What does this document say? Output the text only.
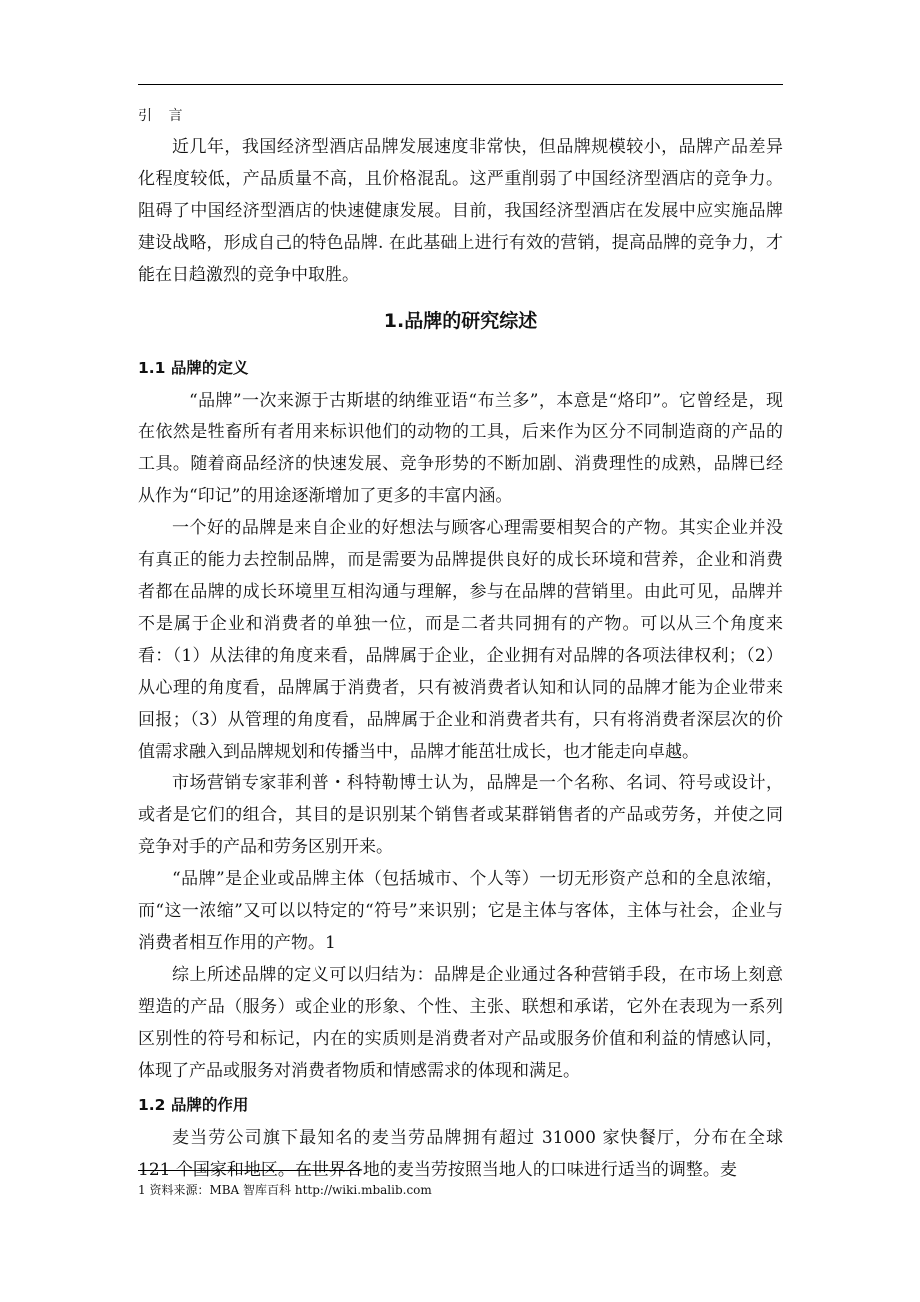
引 言

近几年，我国经济型酒店品牌发展速度非常快，但品牌规模较小，品牌产品差异化程度较低，产品质量不高，且价格混乱。这严重削弱了中国经济型酒店的竞争力。阻碍了中国经济型酒店的快速健康发展。目前，我国经济型酒店在发展中应实施品牌建设战略，形成自己的特色品牌. 在此基础上进行有效的营销，提高品牌的竞争力，才能在日趋激烈的竞争中取胜。

1.品牌的研究综述
1.1 品牌的定义

“品牌”一次来源于古斯堪的纳维亚语“布兰多”，本意是“烙印”。它曾经是，现在依然是牲畜所有者用来标识他们的动物的工具，后来作为区分不同制造商的产品的工具。随着商品经济的快速发展、竞争形势的不断加剧、消费理性的成熟，品牌已经从作为“印记”的用途逐渐增加了更多的丰富内涵。

一个好的品牌是来自企业的好想法与顾客心理需要相契合的产物。其实企业并没有真正的能力去控制品牌，而是需要为品牌提供良好的成长环境和营养，企业和消费者都在品牌的成长环境里互相沟通与理解，参与在品牌的营销里。由此可见，品牌并不是属于企业和消费者的单独一位，而是二者共同拥有的产物。可以从三个角度来看：（1）从法律的角度来看，品牌属于企业，企业拥有对品牌的各项法律权利；（2）从心理的角度看，品牌属于消费者，只有被消费者认知和认同的品牌才能为企业带来回报；（3）从管理的角度看，品牌属于企业和消费者共有，只有将消费者深层次的价值需求融入到品牌规划和传播当中，品牌才能茁壮成长，也才能走向卓越。

市场营销专家菲利普・科特勒博士认为，品牌是一个名称、名词、符号或设计，或者是它们的组合，其目的是识别某个销售者或某群销售者的产品或劳务，并使之同竞争对手的产品和劳务区别开来。

“品牌”是企业或品牌主体（包括城市、个人等）一切无形资产总和的全息浓缩，而“这一浓缩”又可以以特定的“符号”来识别；它是主体与客体，主体与社会，企业与消费者相互作用的产物。1

综上所述品牌的定义可以归结为：品牌是企业通过各种营销手段，在市场上刻意塑造的产品（服务）或企业的形象、个性、主张、联想和承诺，它外在表现为一系列区别性的符号和标记，内在的实质则是消费者对产品或服务价值和利益的情感认同，体现了产品或服务对消费者物质和情感需求的体现和满足。

1.2 品牌的作用

麦当劳公司旗下最知名的麦当劳品牌拥有超过 31000 家快餐厅，分布在全球 121 个国家和地区。在世界各地的麦当劳按照当地人的口味进行适当的调整。麦

1 资料来源：MBA 智库百科 http://wiki.mbalib.com
